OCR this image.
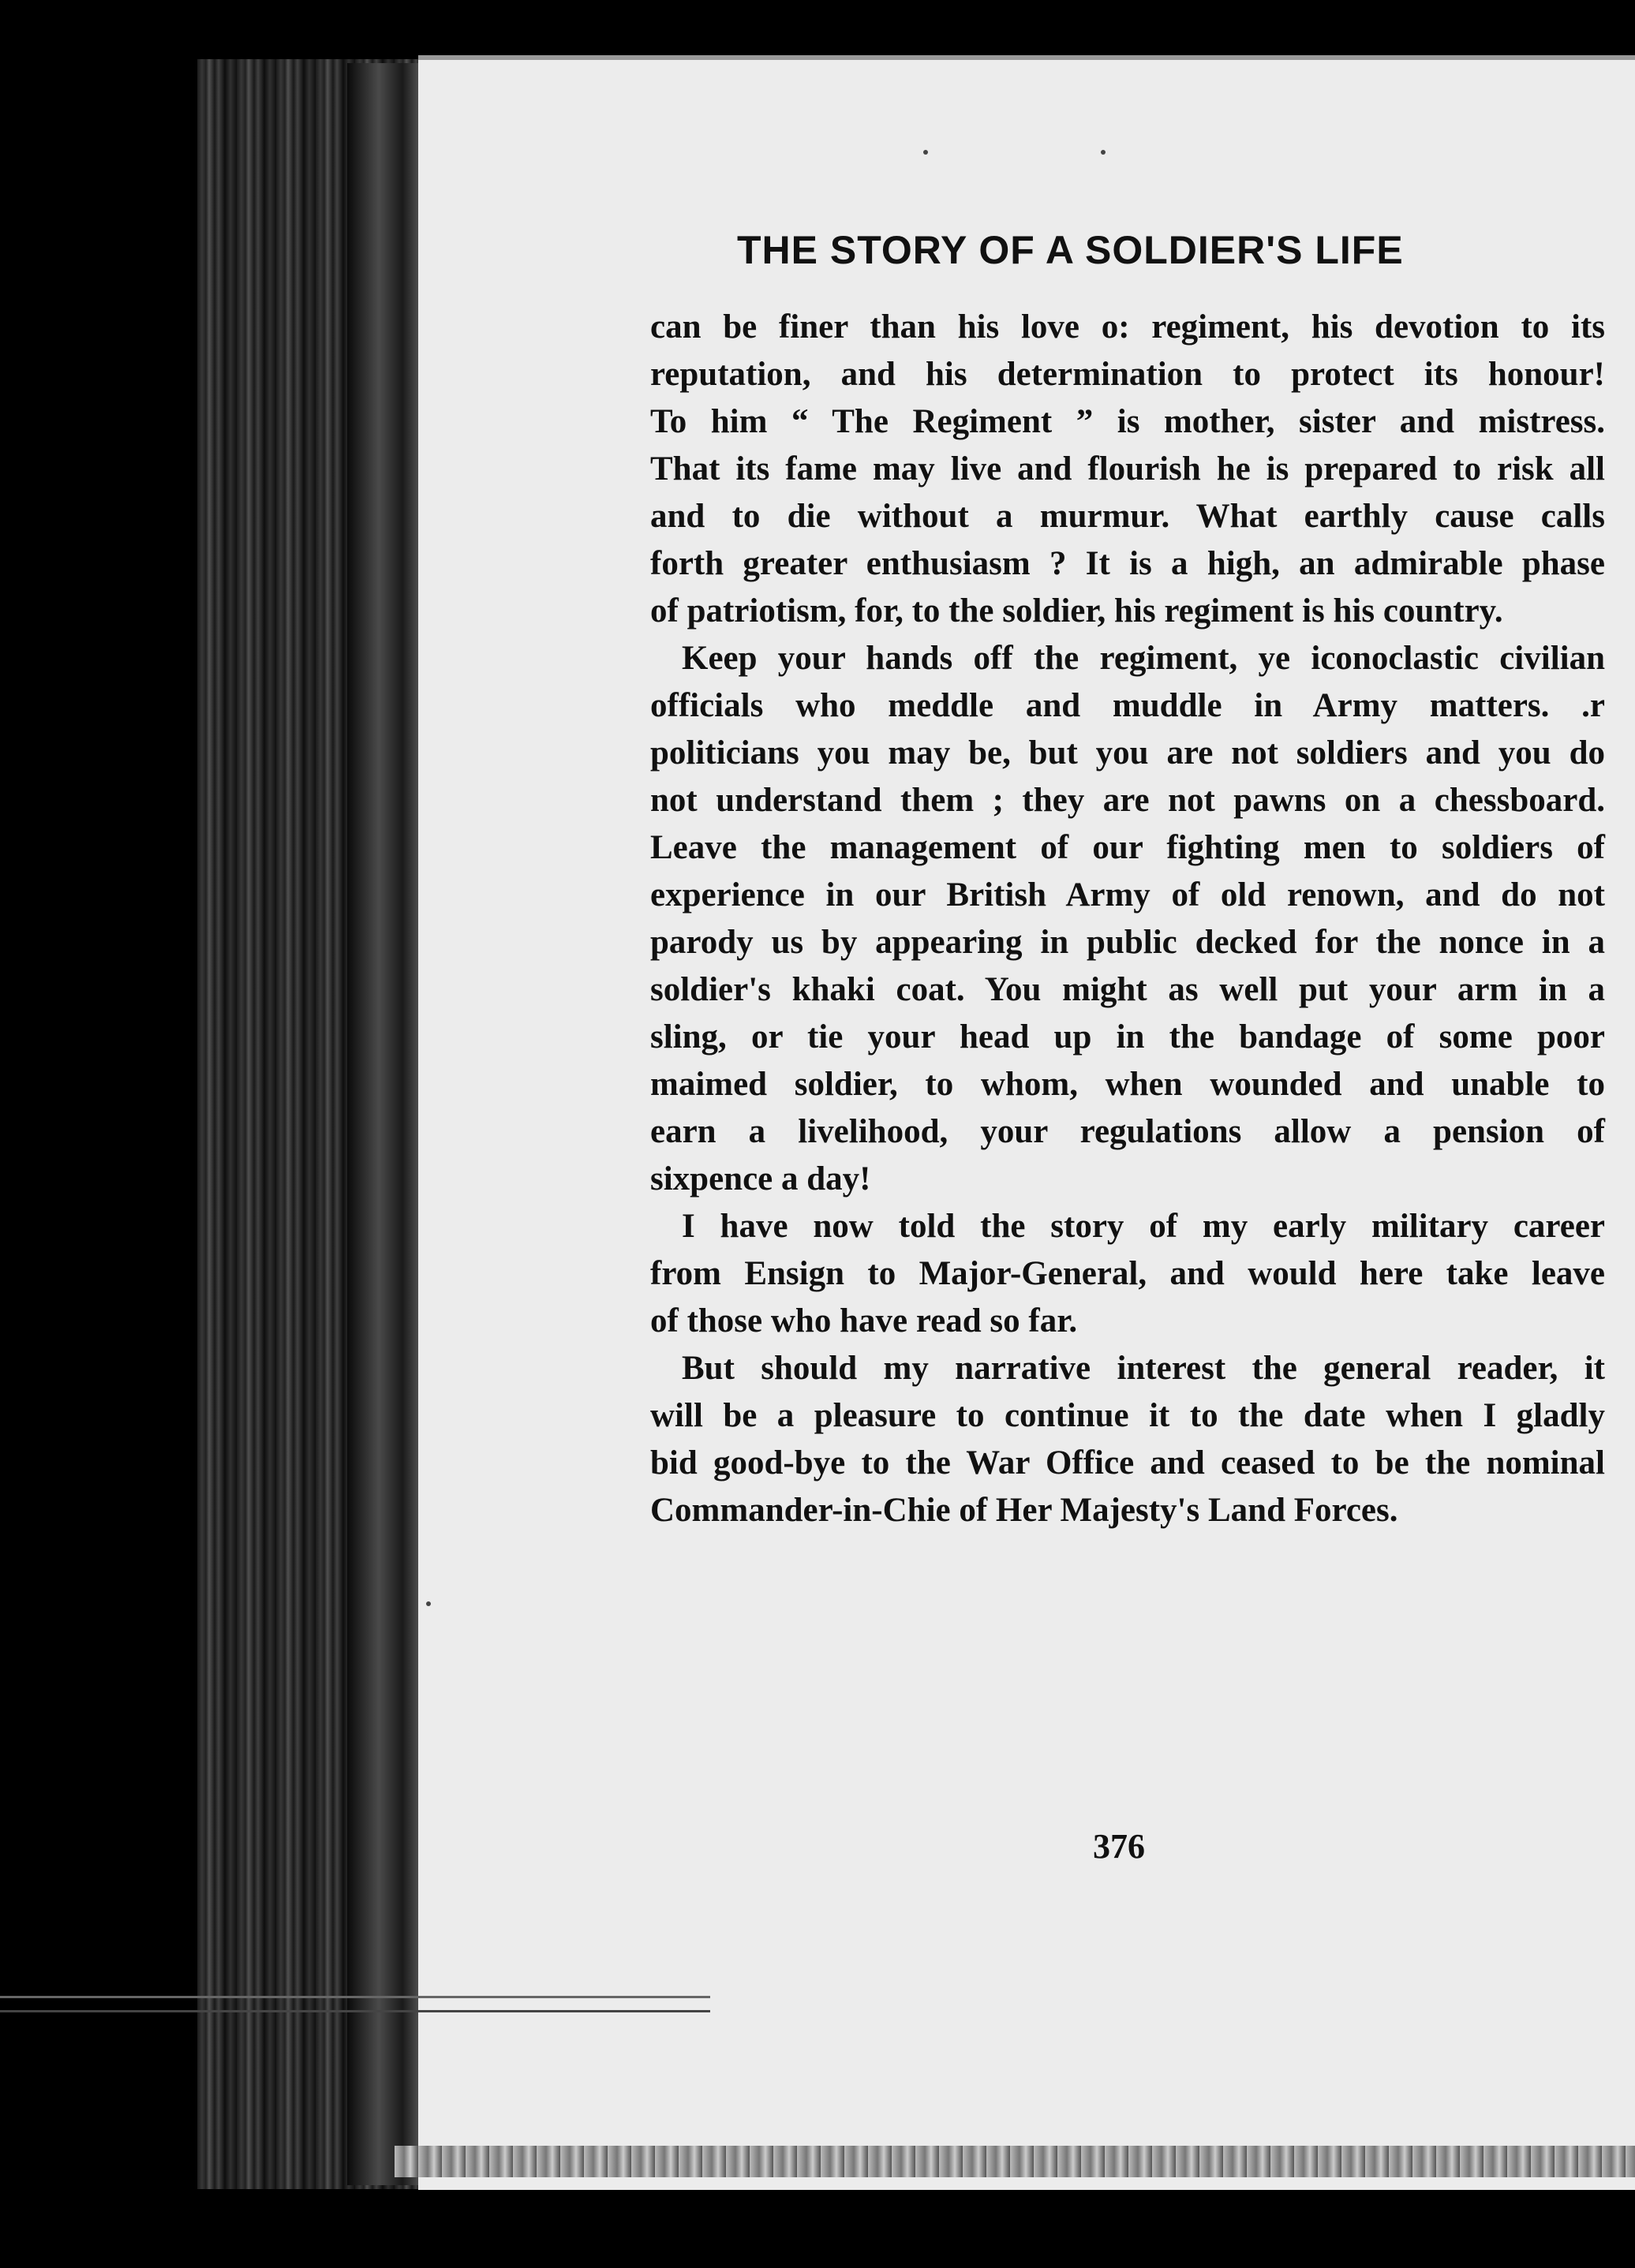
THE STORY OF A SOLDIER'S LIFE
can be finer than his love o: regiment, his devotion to its
reputation, and his determination to protect its honour!
To him “ The Regiment ” is mother, sister and mistress.
That its fame may live and flourish he is prepared to risk all
and to die without a murmur. What earthly cause calls
forth greater enthusiasm ? It is a high, an admirable phase
of patriotism, for, to the soldier, his regiment is his country.
Keep your hands off the regiment, ye iconoclastic civilian
officials who meddle and muddle in Army matters. .r
politicians you may be, but you are not soldiers and you do
not understand them ; they are not pawns on a chessboard.
Leave the management of our fighting men to soldiers of
experience in our British Army of old renown, and do not
parody us by appearing in public decked for the nonce in a
soldier's khaki coat. You might as well put your arm in a
sling, or tie your head up in the bandage of some poor
maimed soldier, to whom, when wounded and unable to
earn a livelihood, your regulations allow a pension of
sixpence a day!
I have now told the story of my early military career
from Ensign to Major-General, and would here take leave
of those who have read so far.
But should my narrative interest the general reader, it
will be a pleasure to continue it to the date when I gladly
bid good-bye to the War Office and ceased to be the nominal
Commander-in-Chie of Her Majesty's Land Forces.
376
